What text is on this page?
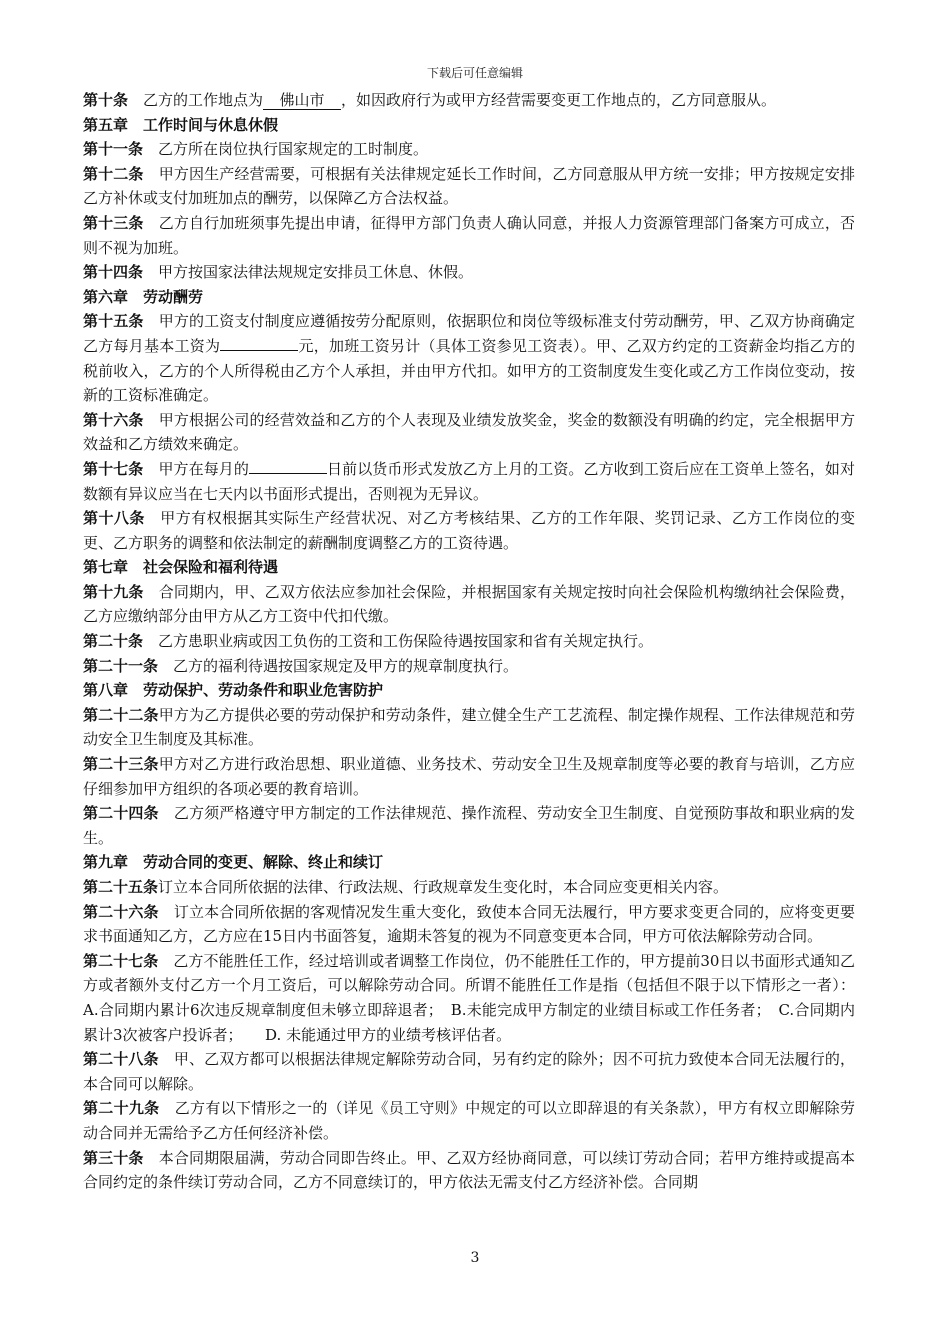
下载后可任意编辑

第十条　 乙方的工作地点为 佛山市 ，如因政府行为或甲方经营需要变更工作地点的，乙方同意服从。

第五章　工作时间与休息休假

第十一条　 乙方所在岗位执行国家规定的工时制度。

第十二条　 甲方因生产经营需要，可根据有关法律规定延长工作时间，乙方同意服从甲方统一安排；甲方按规定安排乙方补休或支付加班加点的酬劳，以保障乙方合法权益。

第十三条　 乙方自行加班须事先提出申请，征得甲方部门负责人确认同意，并报人力资源管理部门备案方可成立，否则不视为加班。

第十四条　 甲方按国家法律法规规定安排员工休息、休假。

第六章　劳动酬劳

第十五条　 甲方的工资支付制度应遵循按劳分配原则，依据职位和岗位等级标准支付劳动酬劳，甲、乙双方协商确定乙方每月基本工资为	元，加班工资另计（具体工资参见工资表）。甲、乙双方约定的工资薪金均指乙方的税前收入，乙方的个人所得税由乙方个人承担，并由甲方代扣。如甲方的工资制度发生变化或乙方工作岗位变动，按新的工资标准确定。

第十六条　 甲方根据公司的经营效益和乙方的个人表现及业绩发放奖金，奖金的数额没有明确的约定，完全根据甲方效益和乙方绩效来确定。

第十七条　 甲方在每月的	日前以货币形式发放乙方上月的工资。乙方收到工资后应在工资单上签名，如对数额有异议应当在七天内以书面形式提出，否则视为无异议。

第十八条　 甲方有权根据其实际生产经营状况、对乙方考核结果、乙方的工作年限、奖罚记录、乙方工作岗位的变更、乙方职务的调整和依法制定的薪酬制度调整乙方的工资待遇。

第七章　社会保险和福利待遇

第十九条　 合同期内，甲、乙双方依法应参加社会保险，并根据国家有关规定按时向社会保险机构缴纳社会保险费，乙方应缴纳部分由甲方从乙方工资中代扣代缴。

第二十条　 乙方患职业病或因工负伤的工资和工伤保险待遇按国家和省有关规定执行。

第二十一条　 乙方的福利待遇按国家规定及甲方的规章制度执行。

第八章　劳动保护、劳动条件和职业危害防护

第二十二条甲方为乙方提供必要的劳动保护和劳动条件，建立健全生产工艺流程、制定操作规程、工作法律规范和劳动安全卫生制度及其标准。

第二十三条甲方对乙方进行政治思想、职业道德、业务技术、劳动安全卫生及规章制度等必要的教育与培训，乙方应仔细参加甲方组织的各项必要的教育培训。

第二十四条　 乙方须严格遵守甲方制定的工作法律规范、操作流程、劳动安全卫生制度、自觉预防事故和职业病的发生。

第九章　劳动合同的变更、解除、终止和续订

第二十五条订立本合同所依据的法律、行政法规、行政规章发生变化时，本合同应变更相关内容。

第二十六条　 订立本合同所依据的客观情况发生重大变化，致使本合同无法履行，甲方要求变更合同的，应将变更要求书面通知乙方，乙方应在15日内书面答复，逾期未答复的视为不同意变更本合同，甲方可依法解除劳动合同。

第二十七条　 乙方不能胜任工作，经过培训或者调整工作岗位，仍不能胜任工作的，甲方提前30日以书面形式通知乙方或者额外支付乙方一个月工资后，可以解除劳动合同。所谓不能胜任工作是指（包括但不限于以下情形之一者）： A.合同期内累计6次违反规章制度但未够立即辞退者；　B.未能完成甲方制定的业绩目标或工作任务者；　C.合同期内累计3次被客户投诉者；　　D. 未能通过甲方的业绩考核评估者。

第二十八条　 甲、乙双方都可以根据法律规定解除劳动合同，另有约定的除外；因不可抗力致使本合同无法履行的，本合同可以解除。

第二十九条　 乙方有以下情形之一的（详见《员工守则》中规定的可以立即辞退的有关条款），甲方有权立即解除劳动合同并无需给予乙方任何经济补偿。

第三十条　 本合同期限届满，劳动合同即告终止。甲、乙双方经协商同意，可以续订劳动合同；若甲方维持或提高本合同约定的条件续订劳动合同，乙方不同意续订的，甲方依法无需支付乙方经济补偿。合同期

3
